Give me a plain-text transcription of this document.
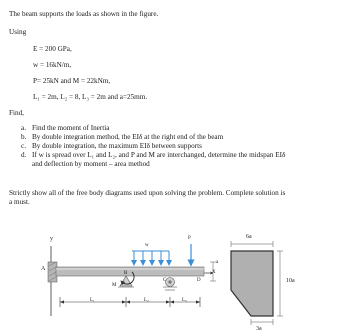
The beam supports the loads as shown in the figure.
Using
E = 200 GPa,
w = 16kN/m,
P= 25kN and M = 22kNm,
L₁ = 2m, L₂ = 8, L₃ = 2m and a=25mm.
Find,
a. Find the moment of Inertia
b. By double integration method, the EIδ at the right end of the beam
c. By double integration, the maximum EIδ between supports
d. If w is spread over L₁ and L₂, and P and M are interchanged, determine the midspan EIδ
and deflection by moment – area method
Strictly show all of the free body diagrams used upon solving the problem. Complete solution is
a must.
y
X
A
B
C	D
M
w
P
L₁	L₂	L₃
a
6a
10a
3a
